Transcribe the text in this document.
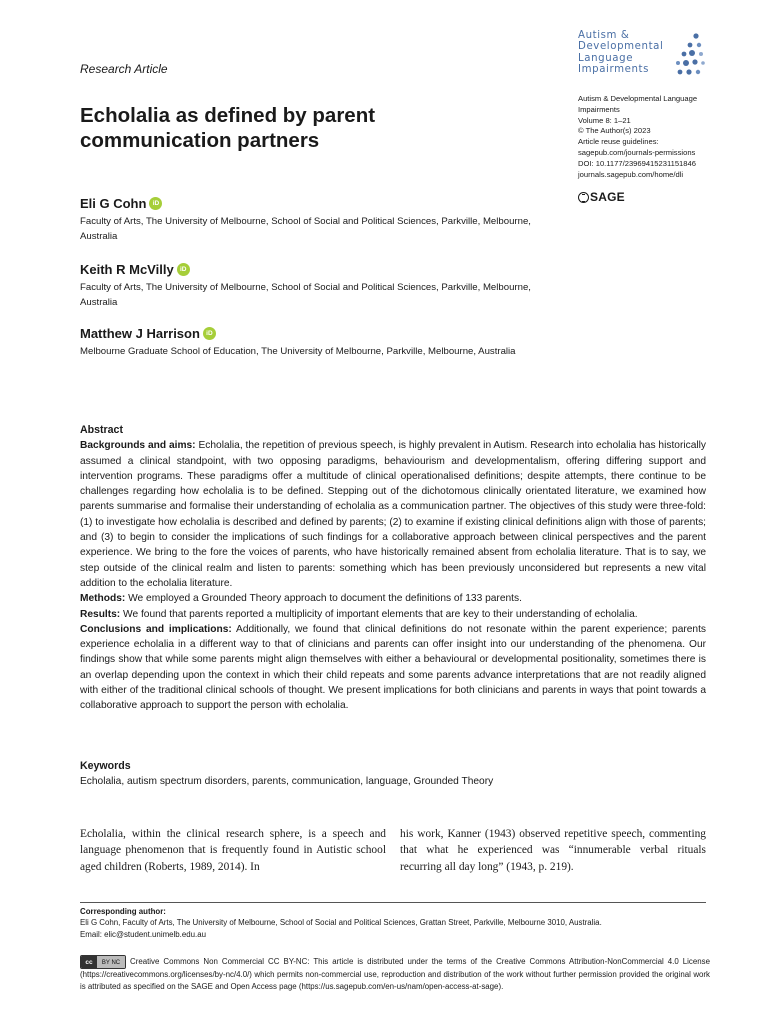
Research Article
Autism &
Developmental
Language
Impairments
Autism & Developmental Language
Impairments
Volume 8: 1–21
© The Author(s) 2023
Article reuse guidelines:
sagepub.com/journals-permissions
DOI: 10.1177/23969415231151846
journals.sagepub.com/home/dli
SAGE
Echolalia as defined by parent communication partners
Eli G Cohn iD
Faculty of Arts, The University of Melbourne, School of Social and Political Sciences, Parkville, Melbourne, Australia
Keith R McVilly iD
Faculty of Arts, The University of Melbourne, School of Social and Political Sciences, Parkville, Melbourne, Australia
Matthew J Harrison iD
Melbourne Graduate School of Education, The University of Melbourne, Parkville, Melbourne, Australia
Abstract

Backgrounds and aims: Echolalia, the repetition of previous speech, is highly prevalent in Autism. Research into echolalia has historically assumed a clinical standpoint, with two opposing paradigms, behaviourism and developmentalism, offering differing support and intervention programs. These paradigms offer a multitude of clinical operationalised definitions; despite attempts, there continue to be challenges regarding how echolalia is to be defined. Stepping out of the dichotomous clinically orientated literature, we examined how parents summarise and formalise their understanding of echolalia as a communication partner. The objectives of this study were three-fold: (1) to investigate how echolalia is described and defined by parents; (2) to examine if existing clinical definitions align with those of parents; and (3) to begin to consider the implications of such findings for a collaborative approach between clinical perspectives and the parent experience. We bring to the fore the voices of parents, who have historically remained absent from echolalia literature. That is to say, we step outside of the clinical realm and listen to parents: something which has been previously unconsidered but represents a new vital addition to the echolalia literature.

Methods: We employed a Grounded Theory approach to document the definitions of 133 parents.

Results: We found that parents reported a multiplicity of important elements that are key to their understanding of echolalia.

Conclusions and implications: Additionally, we found that clinical definitions do not resonate within the parent experience; parents experience echolalia in a different way to that of clinicians and parents can offer insight into our understanding of the phenomena. Our findings show that while some parents might align themselves with either a behavioural or developmental positionality, sometimes there is an overlap depending upon the context in which their child repeats and some parents advance interpretations that are not readily aligned with either of the traditional clinical schools of thought. We present implications for both clinicians and parents in ways that point towards a collaborative approach to support the person with echolalia.

Keywords
Echolalia, autism spectrum disorders, parents, communication, language, Grounded Theory
Echolalia, within the clinical research sphere, is a speech and language phenomenon that is frequently found in Autistic school aged children (Roberts, 1989, 2014). In
his work, Kanner (1943) observed repetitive speech, commenting that what he experienced was “innumerable verbal rituals recurring all day long” (1943, p. 219).
Corresponding author:
Eli G Cohn, Faculty of Arts, The University of Melbourne, School of Social and Political Sciences, Grattan Street, Parkville, Melbourne 3010, Australia.
Email: elic@student.unimelb.edu.au
cc	BY NC	Creative Commons Non Commercial CC BY-NC: This article is distributed under the terms of the Creative Commons Attribution-NonCommercial 4.0 License (https://creativecommons.org/licenses/by-nc/4.0/) which permits non-commercial use, reproduction and distribution of the work without further permission provided the original work is attributed as specified on the SAGE and Open Access page (https://us.sagepub.com/en-us/nam/open-access-at-sage).
